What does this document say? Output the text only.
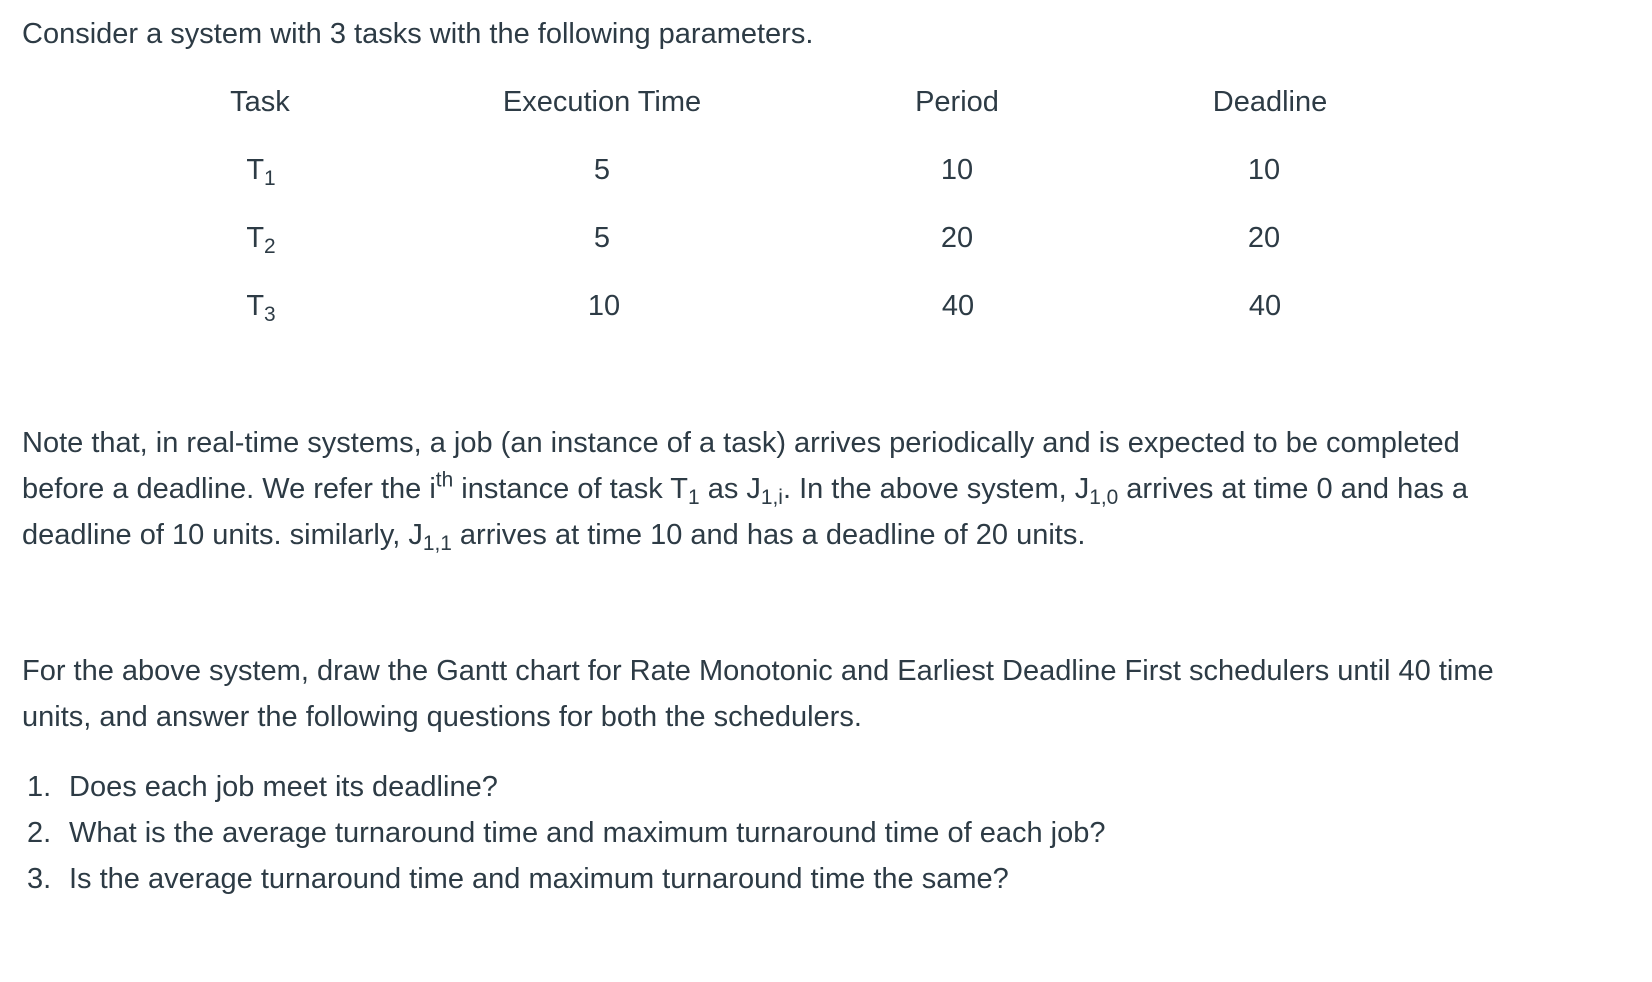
Consider a system with 3 tasks with the following parameters.

Task	Execution Time	Period	Deadline
$T_1$	5	10	10
$T_2$	5	20	20
$T_3$	10	40	40
Note that, in real-time systems, a job (an instance of a task) arrives periodically and is expected to be completed
before a deadline. We refer the $i^{th}$ instance of task $T_1$ as $J_{1,i}$. In the above system, $J_{1,0}$ arrives at time 0 and has a
deadline of 10 units. similarly, $J_{1,1}$ arrives at time 10 and has a deadline of 20 units.
For the above system, draw the Gantt chart for Rate Monotonic and Earliest Deadline First schedulers until 40 time
units, and answer the following questions for both the schedulers.
1. Does each job meet its deadline?
2. What is the average turnaround time and maximum turnaround time of each job?
3. Is the average turnaround time and maximum turnaround time the same?
